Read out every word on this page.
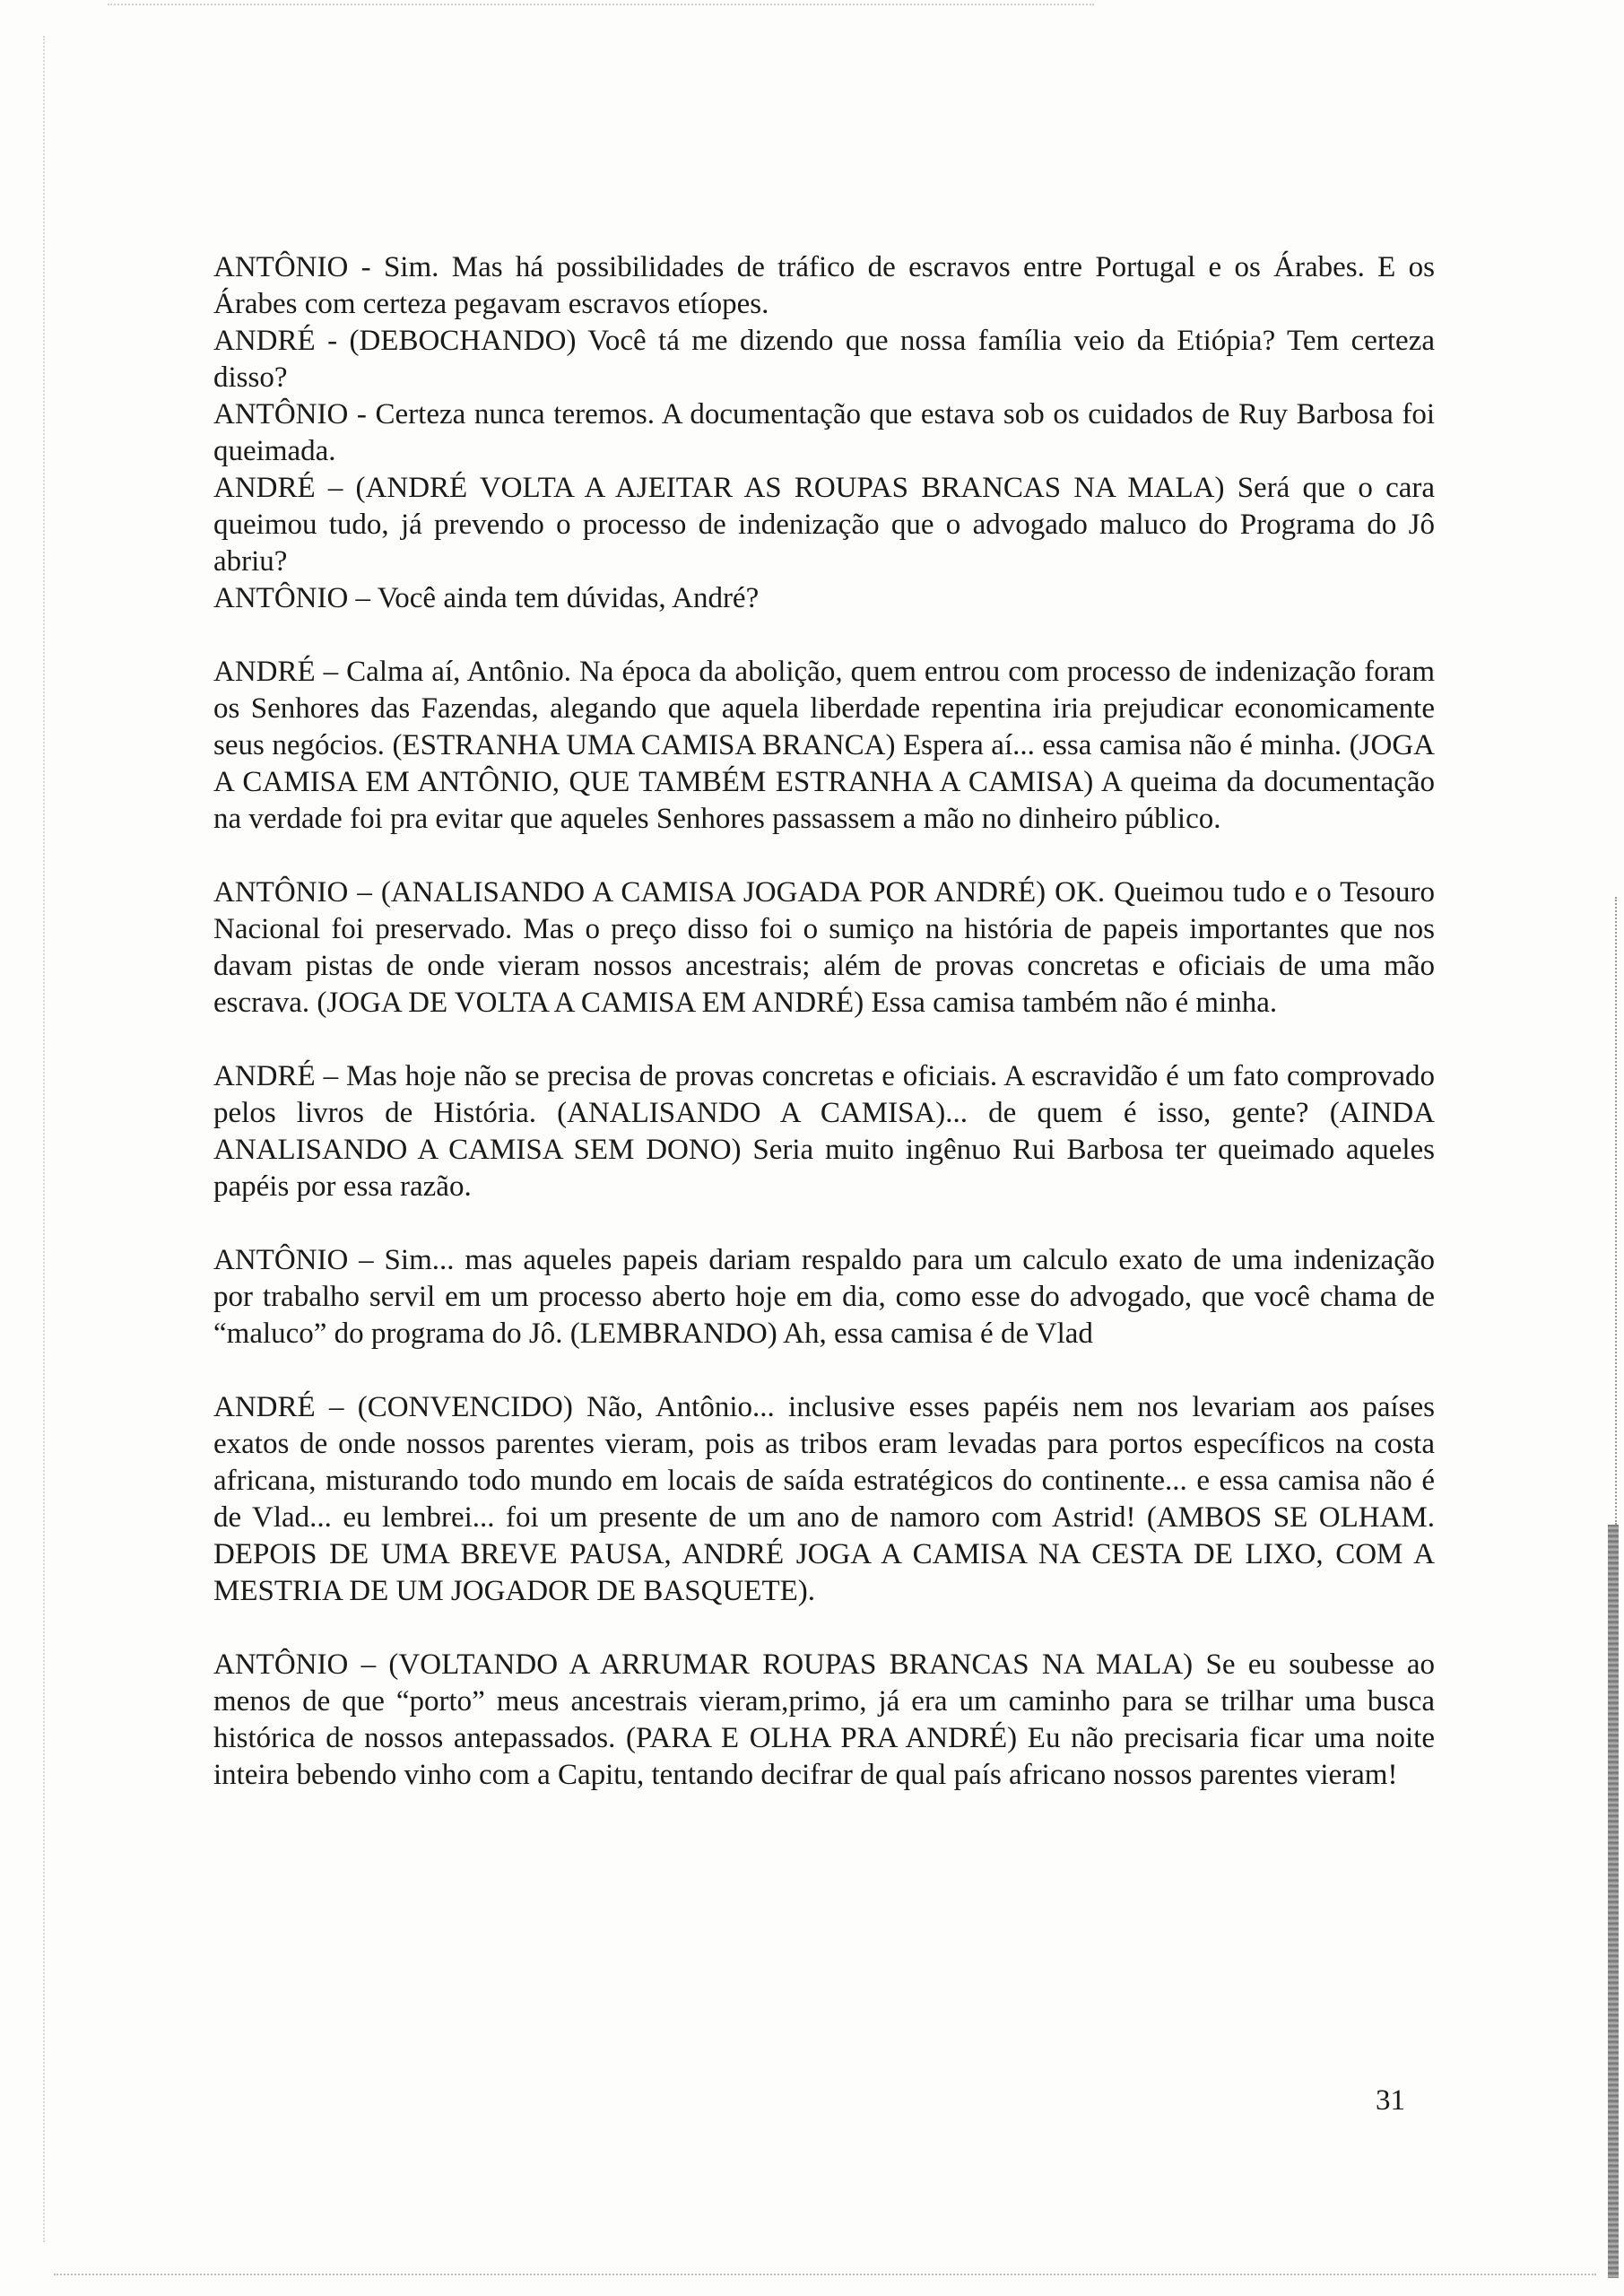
ANTÔNIO - Sim. Mas há possibilidades de tráfico de escravos entre Portugal e os Árabes. E os Árabes com certeza pegavam escravos etíopes.

ANDRÉ - (DEBOCHANDO) Você tá me dizendo que nossa família veio da Etiópia? Tem certeza disso?

ANTÔNIO - Certeza nunca teremos. A documentação que estava sob os cuidados de Ruy Barbosa foi queimada.

ANDRÉ – (ANDRÉ VOLTA A AJEITAR AS ROUPAS BRANCAS NA MALA) Será que o cara queimou tudo, já prevendo o processo de indenização que o advogado maluco do Programa do Jô abriu?

ANTÔNIO – Você ainda tem dúvidas, André?

ANDRÉ – Calma aí, Antônio. Na época da abolição, quem entrou com processo de indenização foram os Senhores das Fazendas, alegando que aquela liberdade repentina iria prejudicar economicamente seus negócios. (ESTRANHA UMA CAMISA BRANCA) Espera aí... essa camisa não é minha. (JOGA A CAMISA EM ANTÔNIO, QUE TAMBÉM ESTRANHA A CAMISA) A queima da documentação na verdade foi pra evitar que aqueles Senhores passassem a mão no dinheiro público.

ANTÔNIO – (ANALISANDO A CAMISA JOGADA POR ANDRÉ) OK. Queimou tudo e o Tesouro Nacional foi preservado. Mas o preço disso foi o sumiço na história de papeis importantes que nos davam pistas de onde vieram nossos ancestrais; além de provas concretas e oficiais de uma mão escrava. (JOGA DE VOLTA A CAMISA EM ANDRÉ) Essa camisa também não é minha.

ANDRÉ – Mas hoje não se precisa de provas concretas e oficiais. A escravidão é um fato comprovado pelos livros de História. (ANALISANDO A CAMISA)... de quem é isso, gente? (AINDA ANALISANDO A CAMISA SEM DONO) Seria muito ingênuo Rui Barbosa ter queimado aqueles papéis por essa razão.

ANTÔNIO – Sim... mas aqueles papeis dariam respaldo para um calculo exato de uma indenização por trabalho servil em um processo aberto hoje em dia, como esse do advogado, que você chama de “maluco” do programa do Jô. (LEMBRANDO) Ah, essa camisa é de Vlad

ANDRÉ – (CONVENCIDO) Não, Antônio... inclusive esses papéis nem nos levariam aos países exatos de onde nossos parentes vieram, pois as tribos eram levadas para portos específicos na costa africana, misturando todo mundo em locais de saída estratégicos do continente... e essa camisa não é de Vlad... eu lembrei... foi um presente de um ano de namoro com Astrid! (AMBOS SE OLHAM. DEPOIS DE UMA BREVE PAUSA, ANDRÉ JOGA A CAMISA NA CESTA DE LIXO, COM A MESTRIA DE UM JOGADOR DE BASQUETE).

ANTÔNIO – (VOLTANDO A ARRUMAR ROUPAS BRANCAS NA MALA) Se eu soubesse ao menos de que “porto” meus ancestrais vieram,primo, já era um caminho para se trilhar uma busca histórica de nossos antepassados. (PARA E OLHA PRA ANDRÉ) Eu não precisaria ficar uma noite inteira bebendo vinho com a Capitu, tentando decifrar de qual país africano nossos parentes vieram!

31
